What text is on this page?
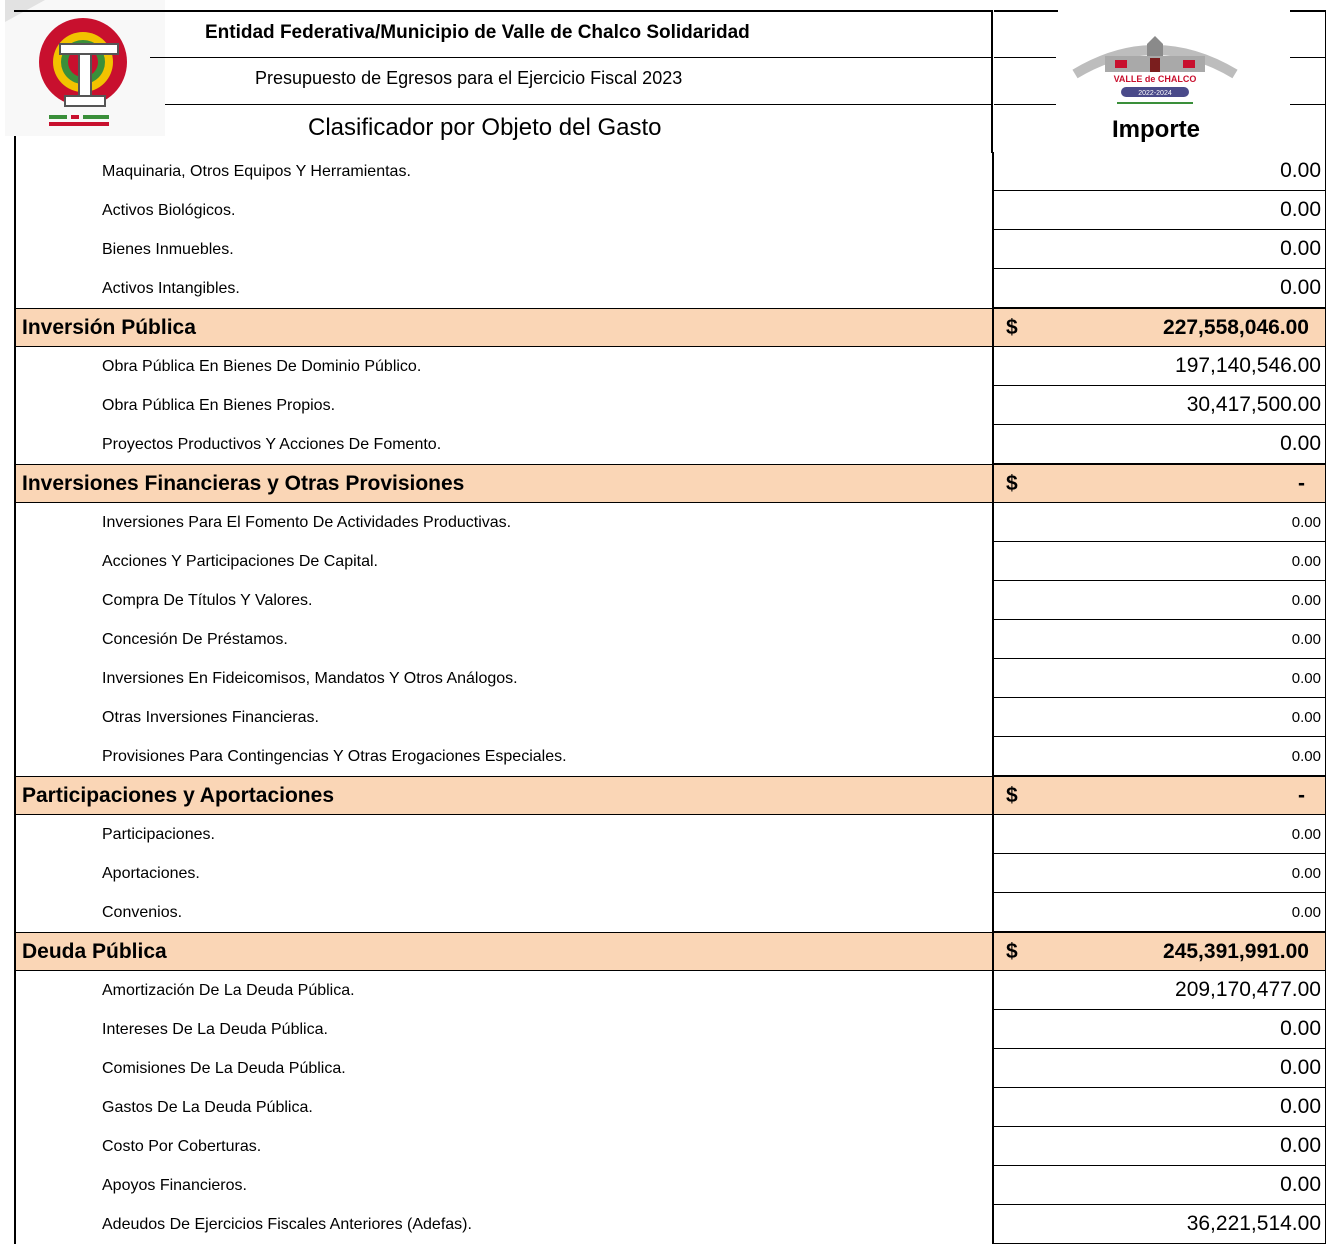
Entidad Federativa/Municipio de Valle de Chalco Solidaridad
Presupuesto de Egresos para el Ejercicio Fiscal 2023
Clasificador por Objeto del Gasto	Importe
VALLE de CHALCO
2022-2024
Maquinaria, Otros Equipos Y Herramientas.	0.00
Activos Biológicos.	0.00
Bienes Inmuebles.	0.00
Activos Intangibles.	0.00
Inversión Pública	$	227,558,046.00
Obra Pública En Bienes De Dominio Público.	197,140,546.00
Obra Pública En Bienes Propios.	30,417,500.00
Proyectos Productivos Y Acciones De Fomento.	0.00
Inversiones Financieras y Otras Provisiones	$	-
Inversiones Para El Fomento De Actividades Productivas.	0.00
Acciones Y Participaciones De Capital.	0.00
Compra De Títulos Y Valores.	0.00
Concesión De Préstamos.	0.00
Inversiones En Fideicomisos, Mandatos Y Otros Análogos.	0.00
Otras Inversiones Financieras.	0.00
Provisiones Para Contingencias Y Otras Erogaciones Especiales.	0.00
Participaciones y Aportaciones	$	-
Participaciones.	0.00
Aportaciones.	0.00
Convenios.	0.00
Deuda Pública	$	245,391,991.00
Amortización De La Deuda Pública.	209,170,477.00
Intereses De La Deuda Pública.	0.00
Comisiones De La Deuda Pública.	0.00
Gastos De La Deuda Pública.	0.00
Costo Por Coberturas.	0.00
Apoyos Financieros.	0.00
Adeudos De Ejercicios Fiscales Anteriores (Adefas).	36,221,514.00
